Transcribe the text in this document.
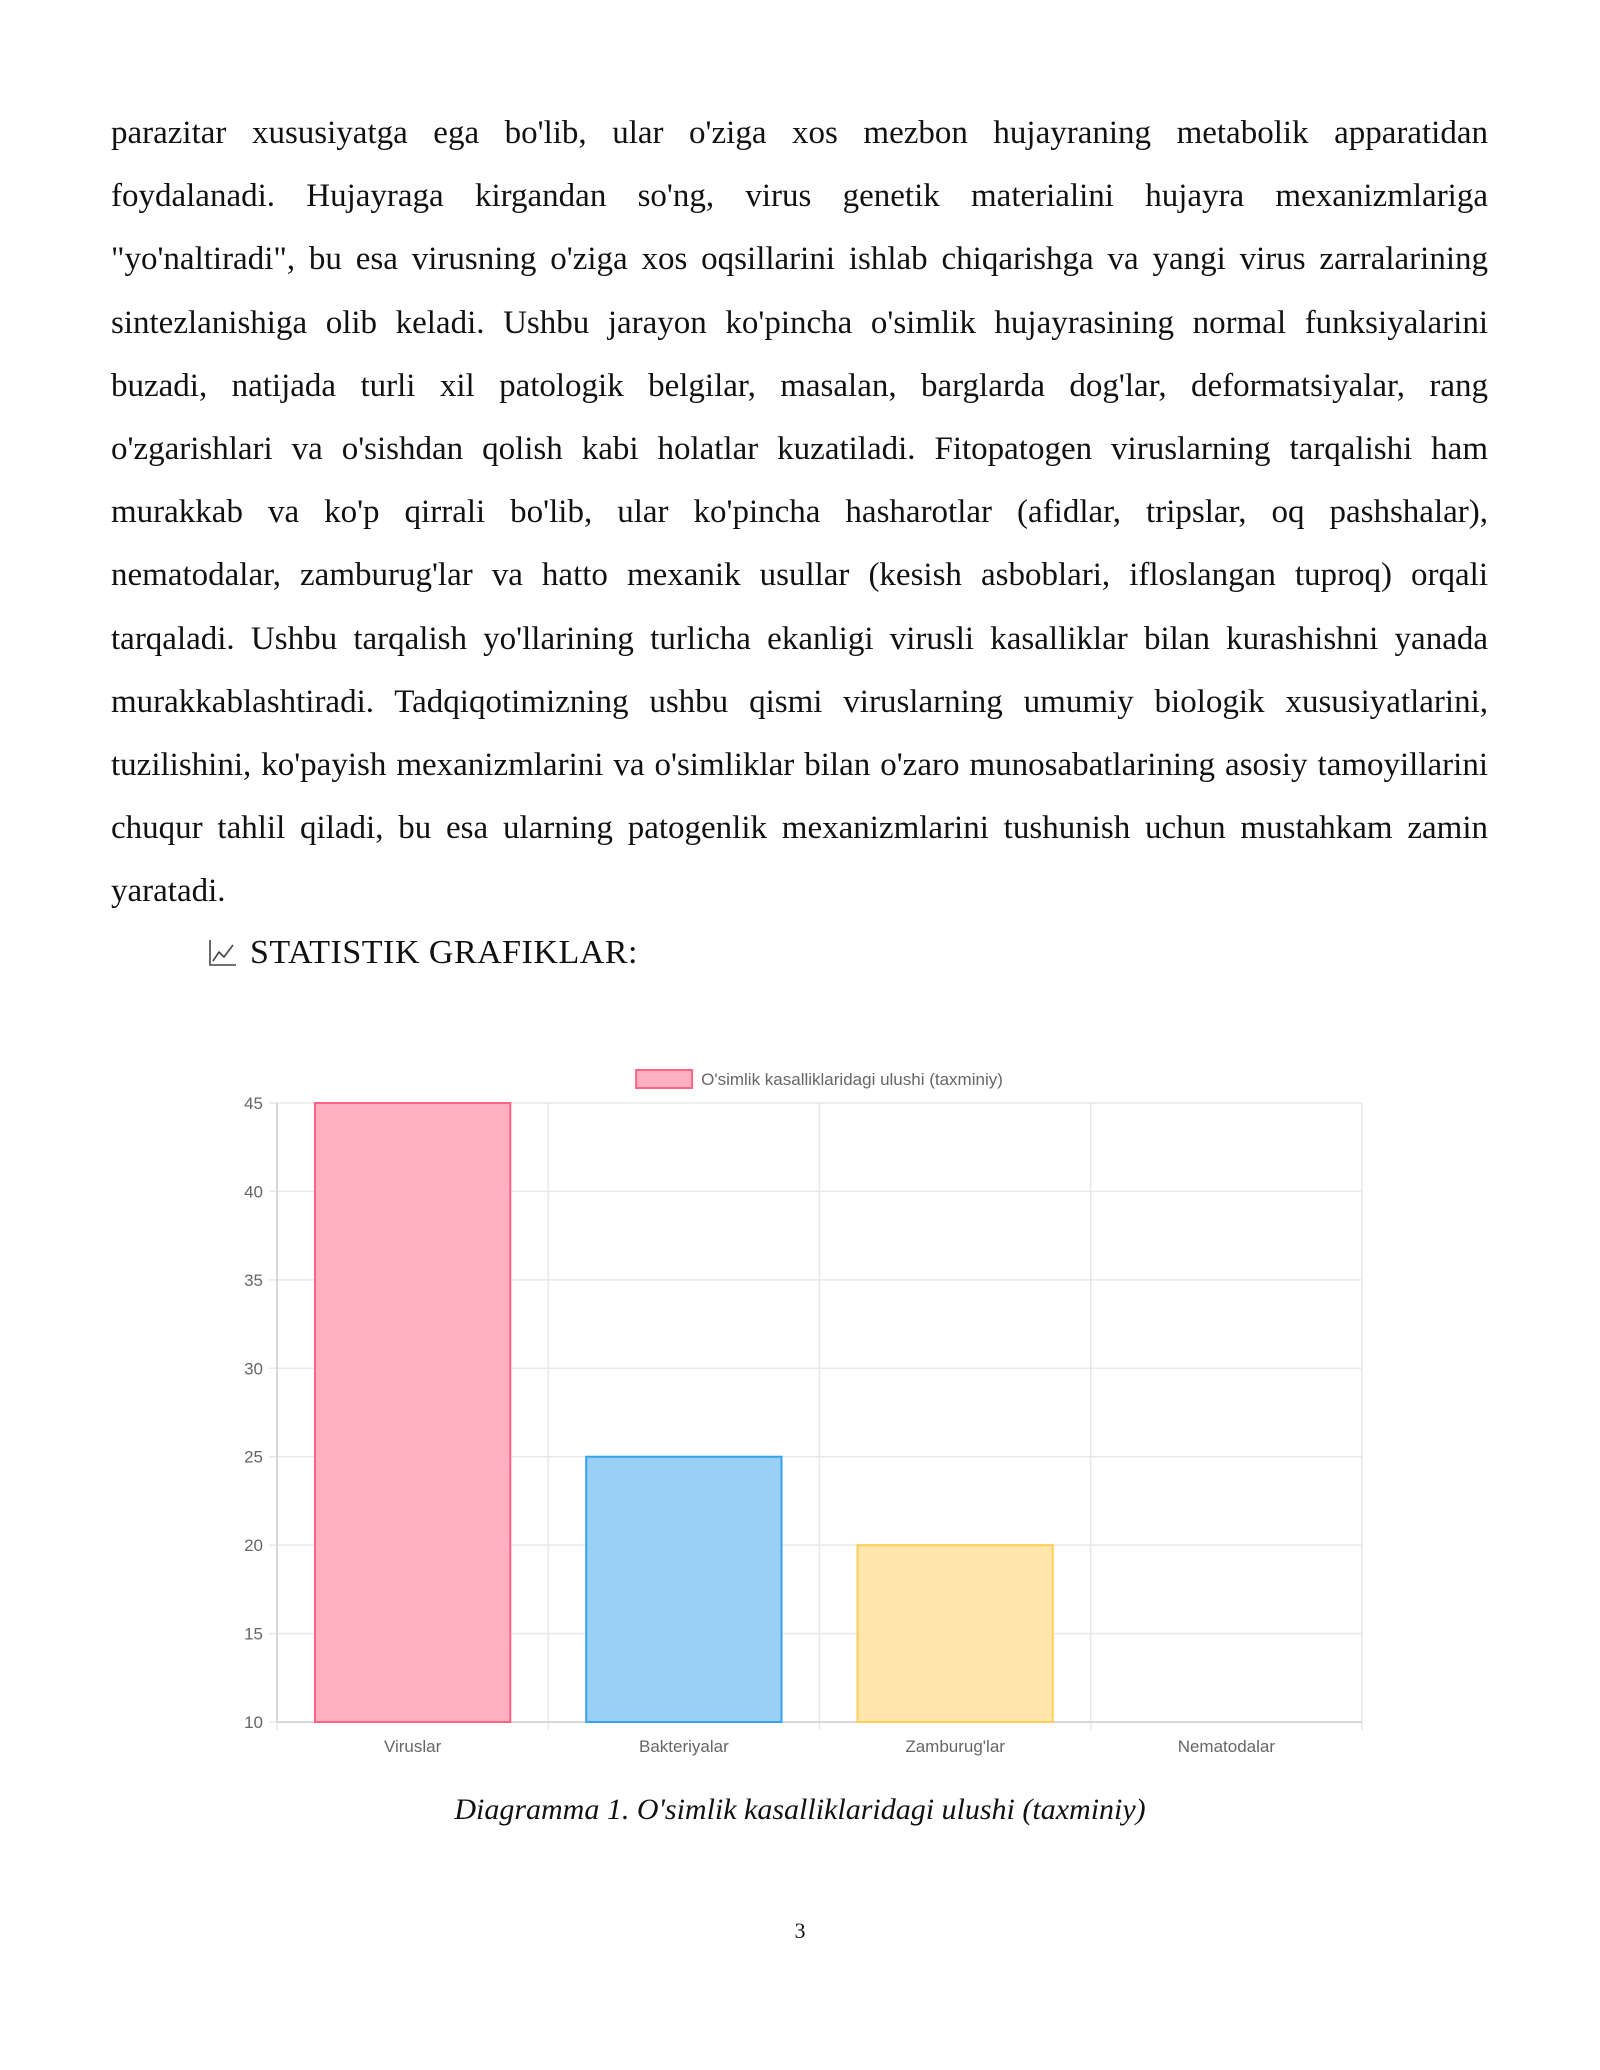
parazitar xususiyatga ega bo'lib, ular o'ziga xos mezbon hujayraning metabolik apparatidan foydalanadi. Hujayraga kirgandan so'ng, virus genetik materialini hujayra mexanizmlariga "yo'naltiradi", bu esa virusning o'ziga xos oqsillarini ishlab chiqarishga va yangi virus zarralarining sintezlanishiga olib keladi. Ushbu jarayon ko'pincha o'simlik hujayrasining normal funksiyalarini buzadi, natijada turli xil patologik belgilar, masalan, barglarda dog'lar, deformatsiyalar, rang o'zgarishlari va o'sishdan qolish kabi holatlar kuzatiladi. Fitopatogen viruslarning tarqalishi ham murakkab va ko'p qirrali bo'lib, ular ko'pincha hasharotlar (afidlar, tripslar, oq pashshalar), nematodalar, zamburug'lar va hatto mexanik usullar (kesish asboblari, ifloslangan tuproq) orqali tarqaladi. Ushbu tarqalish yo'llarining turlicha ekanligi virusli kasalliklar bilan kurashishni yanada murakkablashtiradi. Tadqiqotimizning ushbu qismi viruslarning umumiy biologik xususiyatlarini, tuzilishini, ko'payish mexanizmlarini va o'simliklar bilan o'zaro munosabatlarining asosiy tamoyillarini chuqur tahlil qiladi, bu esa ularning patogenlik mexanizmlarini tushunish uchun mustahkam zamin yaratadi.

STATISTIK GRAFIKLAR:
10
15
20
25
30
35
40
45
Viruslar	Bakteriyalar	Zamburug'lar	Nematodalar
O'simlik kasalliklaridagi ulushi (taxminiy)
Diagramma 1. O'simlik kasalliklaridagi ulushi (taxminiy)
3
